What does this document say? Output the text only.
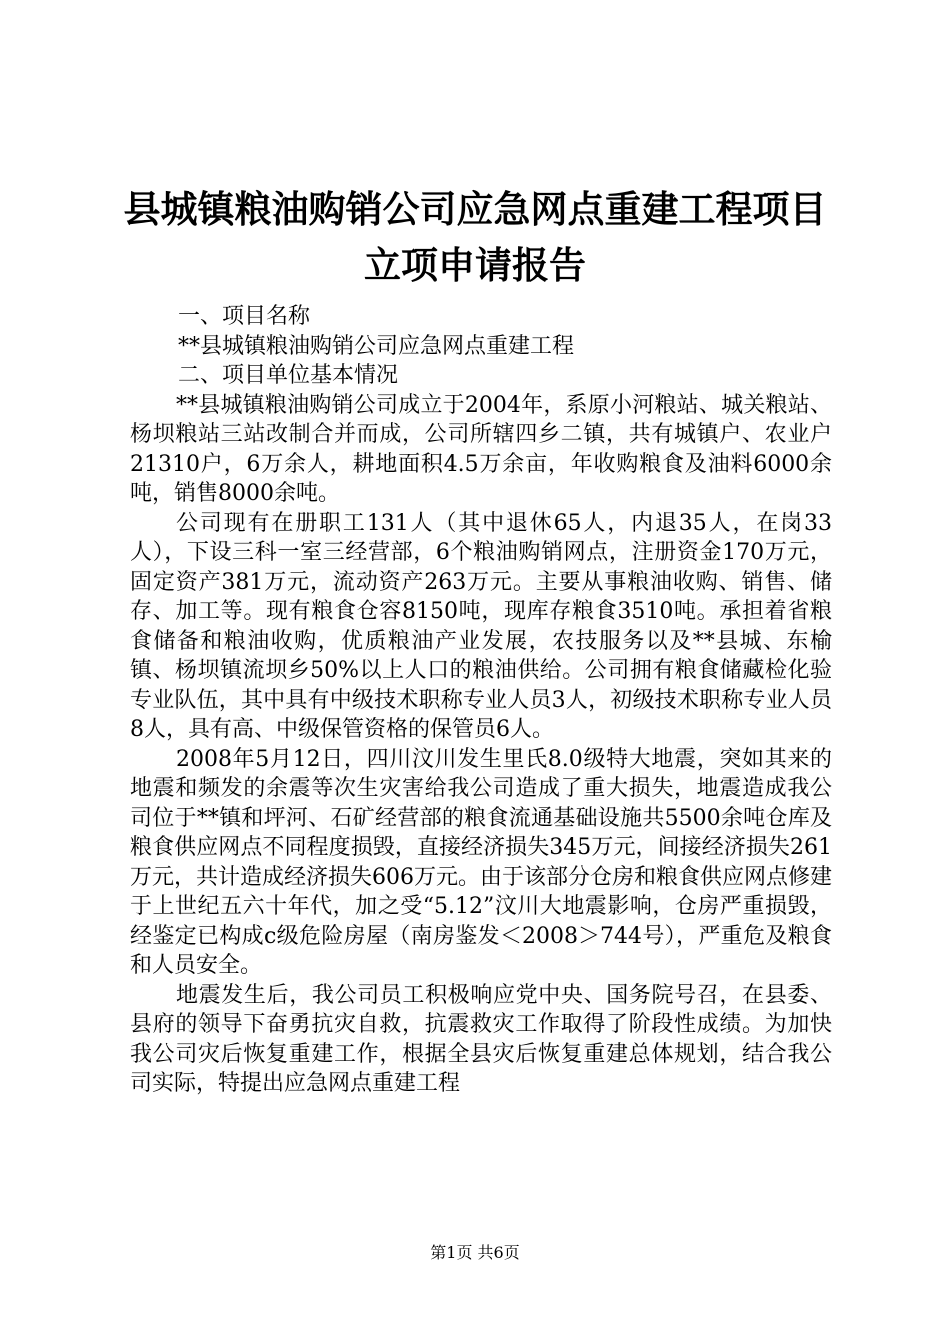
县城镇粮油购销公司应急网点重建工程项目立项申请报告

一、项目名称

**县城镇粮油购销公司应急网点重建工程

二、项目单位基本情况

**县城镇粮油购销公司成立于2004年，系原小河粮站、城关粮站、杨坝粮站三站改制合并而成，公司所辖四乡二镇，共有城镇户、农业户21310户，6万余人，耕地面积4.5万余亩，年收购粮食及油料6000余吨，销售8000余吨。

公司现有在册职工131人（其中退休65人，内退35人，在岗33人），下设三科一室三经营部，6个粮油购销网点，注册资金170万元，固定资产381万元，流动资产263万元。主要从事粮油收购、销售、储存、加工等。现有粮食仓容8150吨，现库存粮食3510吨。承担着省粮食储备和粮油收购，优质粮油产业发展，农技服务以及**县城、东榆镇、杨坝镇流坝乡50%以上人口的粮油供给。公司拥有粮食储藏检化验专业队伍，其中具有中级技术职称专业人员3人，初级技术职称专业人员8人，具有高、中级保管资格的保管员6人。

2008年5月12日，四川汶川发生里氏8.0级特大地震，突如其来的地震和频发的余震等次生灾害给我公司造成了重大损失，地震造成我公司位于**镇和坪河、石矿经营部的粮食流通基础设施共5500余吨仓库及粮食供应网点不同程度损毁，直接经济损失345万元，间接经济损失261万元，共计造成经济损失606万元。由于该部分仓房和粮食供应网点修建于上世纪五六十年代，加之受“5.12”汶川大地震影响，仓房严重损毁，经鉴定已构成c级危险房屋（南房鉴发＜2008＞744号），严重危及粮食和人员安全。

地震发生后，我公司员工积极响应党中央、国务院号召，在县委、县府的领导下奋勇抗灾自救，抗震救灾工作取得了阶段性成绩。为加快我公司灾后恢复重建工作，根据全县灾后恢复重建总体规划，结合我公司实际，特提出应急网点重建工程

第1页 共6页
